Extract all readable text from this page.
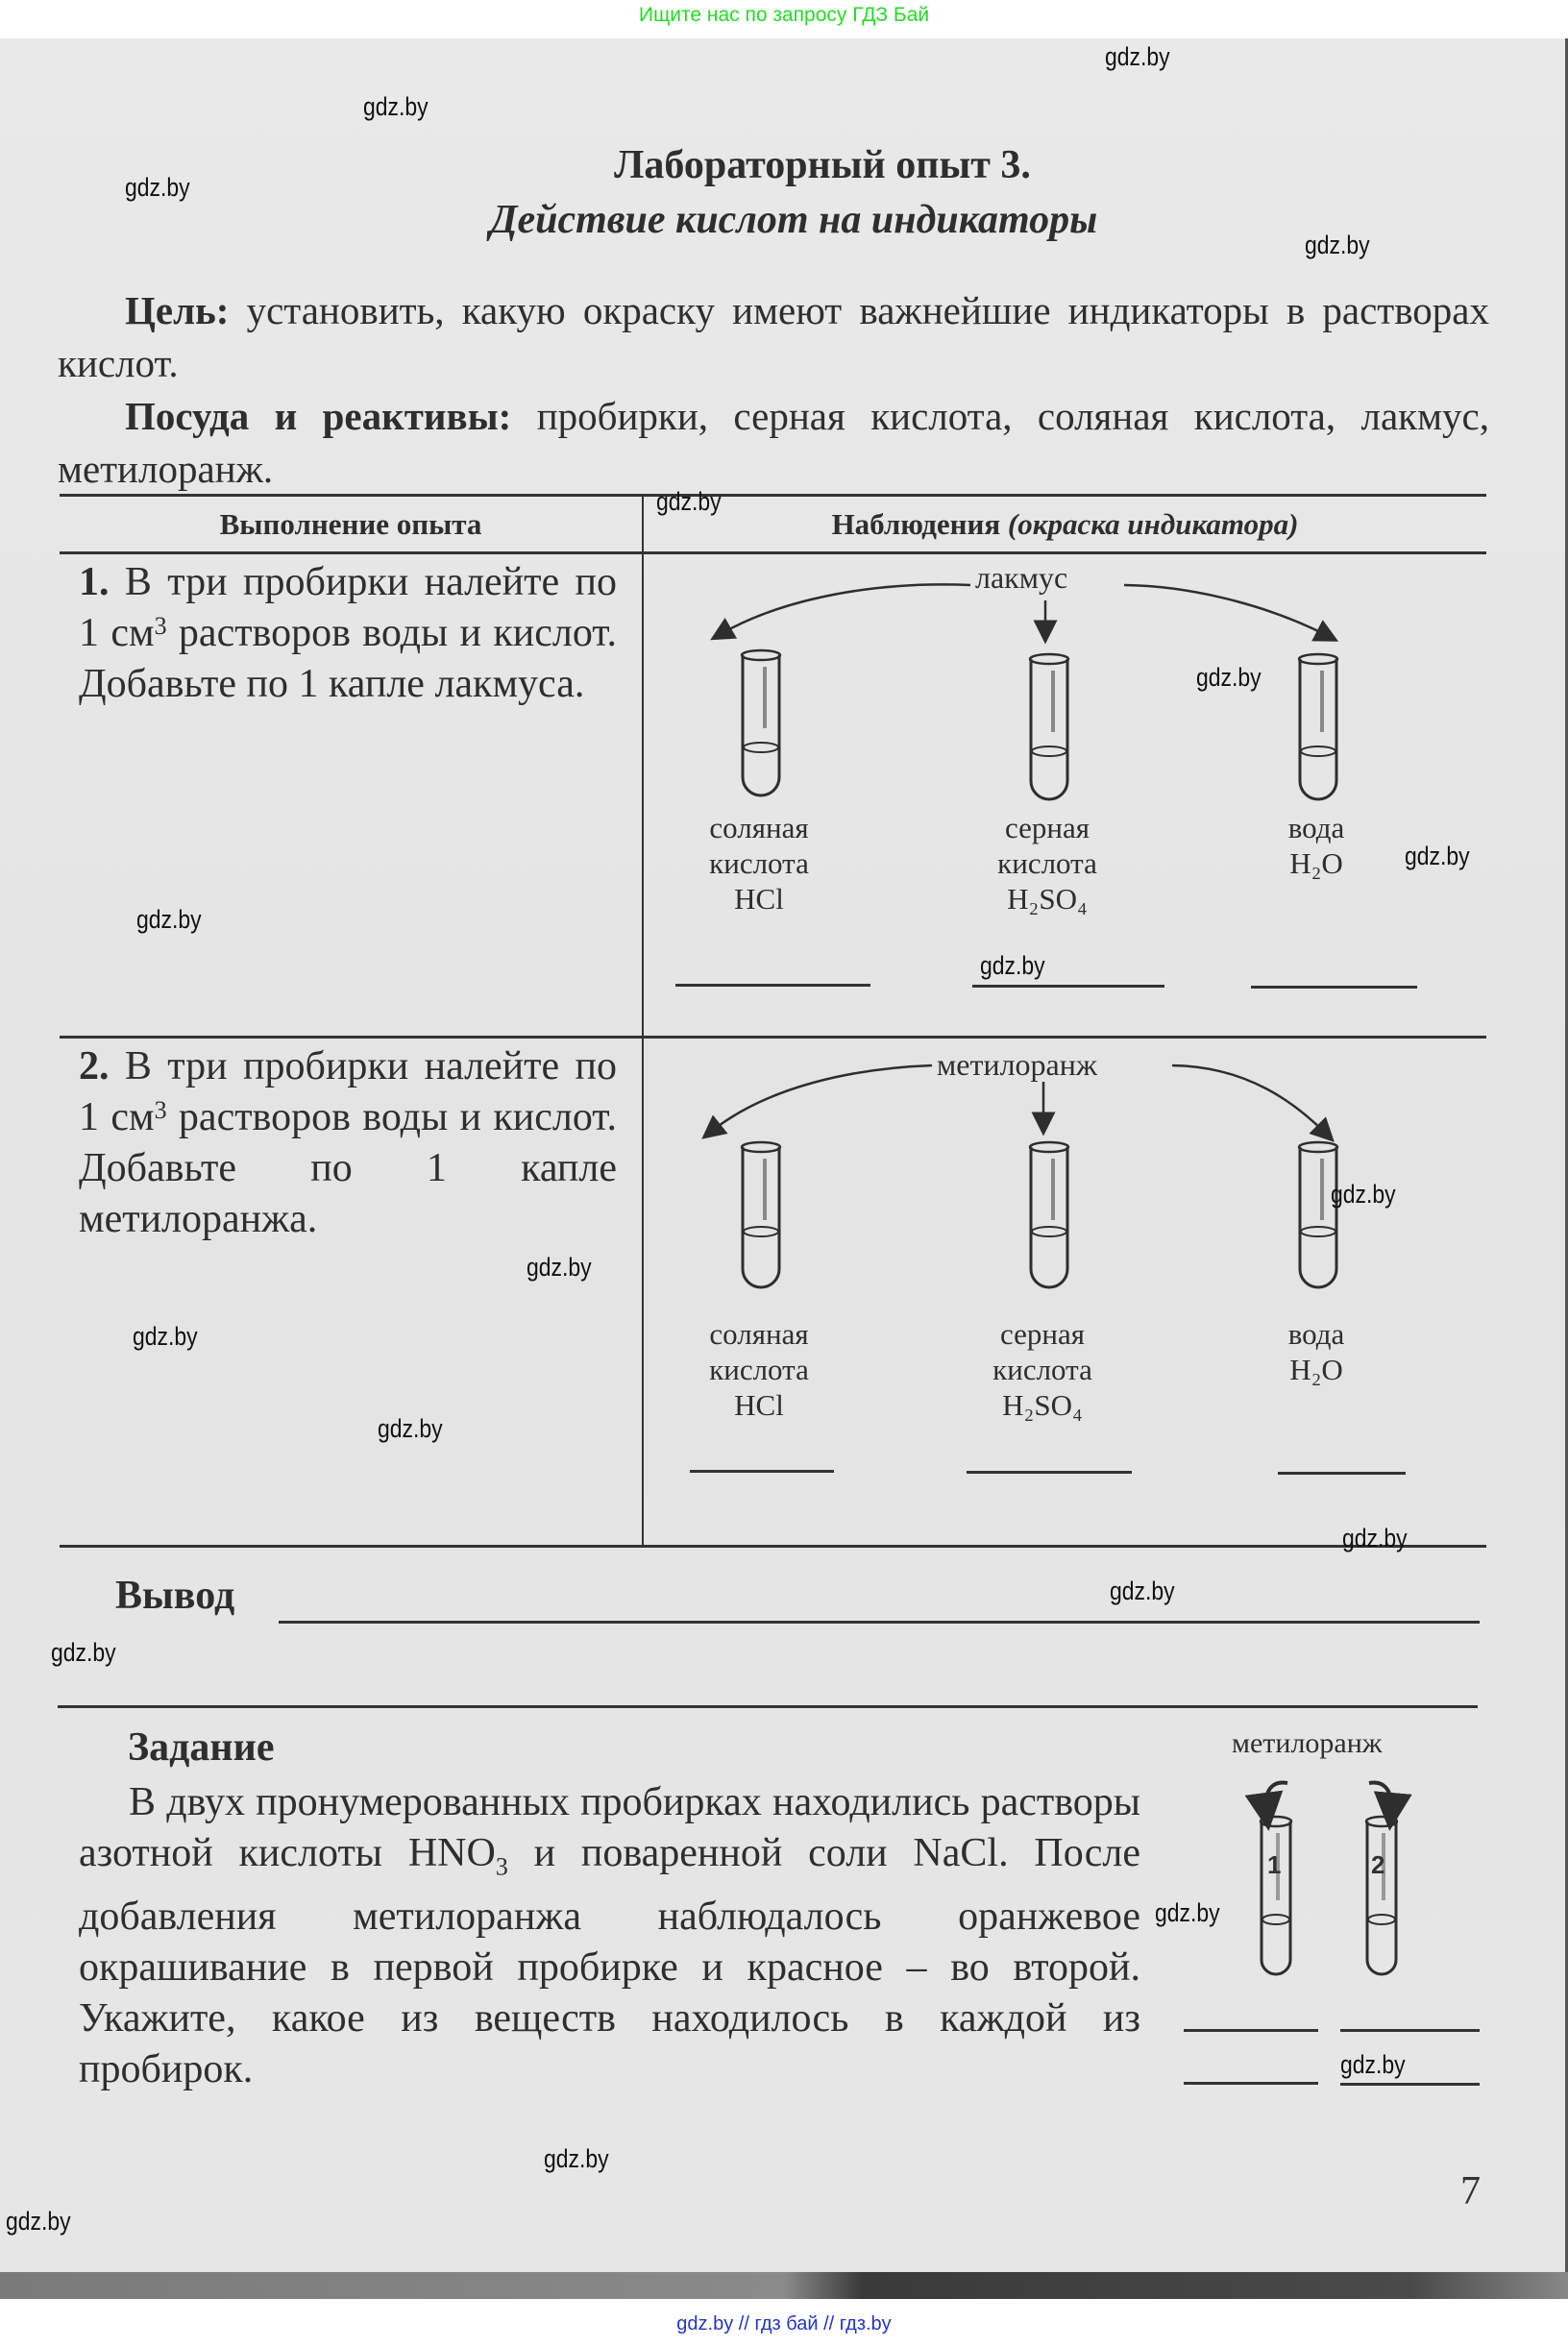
Ищите нас по запросу ГДЗ Бай
Лабораторный опыт 3.
Действие кислот на индикаторы
Цель: установить, какую окраску имеют важнейшие индикаторы в растворах кислот.
Посуда и реактивы: пробирки, серная кислота, соляная кислота, лакмус, метилоранж.
Выполнение опыта	Наблюдения (окраска индикатора)
1. В три пробирки налейте по 1 $см^3$ растворов воды и кислот. Добавьте по 1 капле лакмуса.
лакмус
соляная
кислота
HCl
серная
кислота
H₂SO₄
вода
H₂O
2. В три пробирки налейте по 1 $см^3$ растворов воды и кислот. Добавьте по 1 капле метилоранжа.
метилоранж
соляная
кислота
HCl
серная
кислота
H₂SO₄
вода
H₂O
Вывод
Задание
В двух пронумерованных пробирках находились растворы азотной кислоты $HNO_3$ и поваренной соли NaCl. После добавления метилоранжа наблюдалось оранжевое окрашивание в первой пробирке и красное – во второй. Укажите, какое из веществ находилось в каждой из пробирок.
метилоранж
1	2
7
gdz.by
gdz.by
gdz.by
gdz.by
gdz.by
gdz.by
gdz.by
gdz.by
gdz.by
gdz.by
gdz.by
gdz.by
gdz.by
gdz.by
gdz.by
gdz.by
gdz.by
gdz.by
gdz.by
gdz.by
gdz.by // гдз бай // гдз.by
